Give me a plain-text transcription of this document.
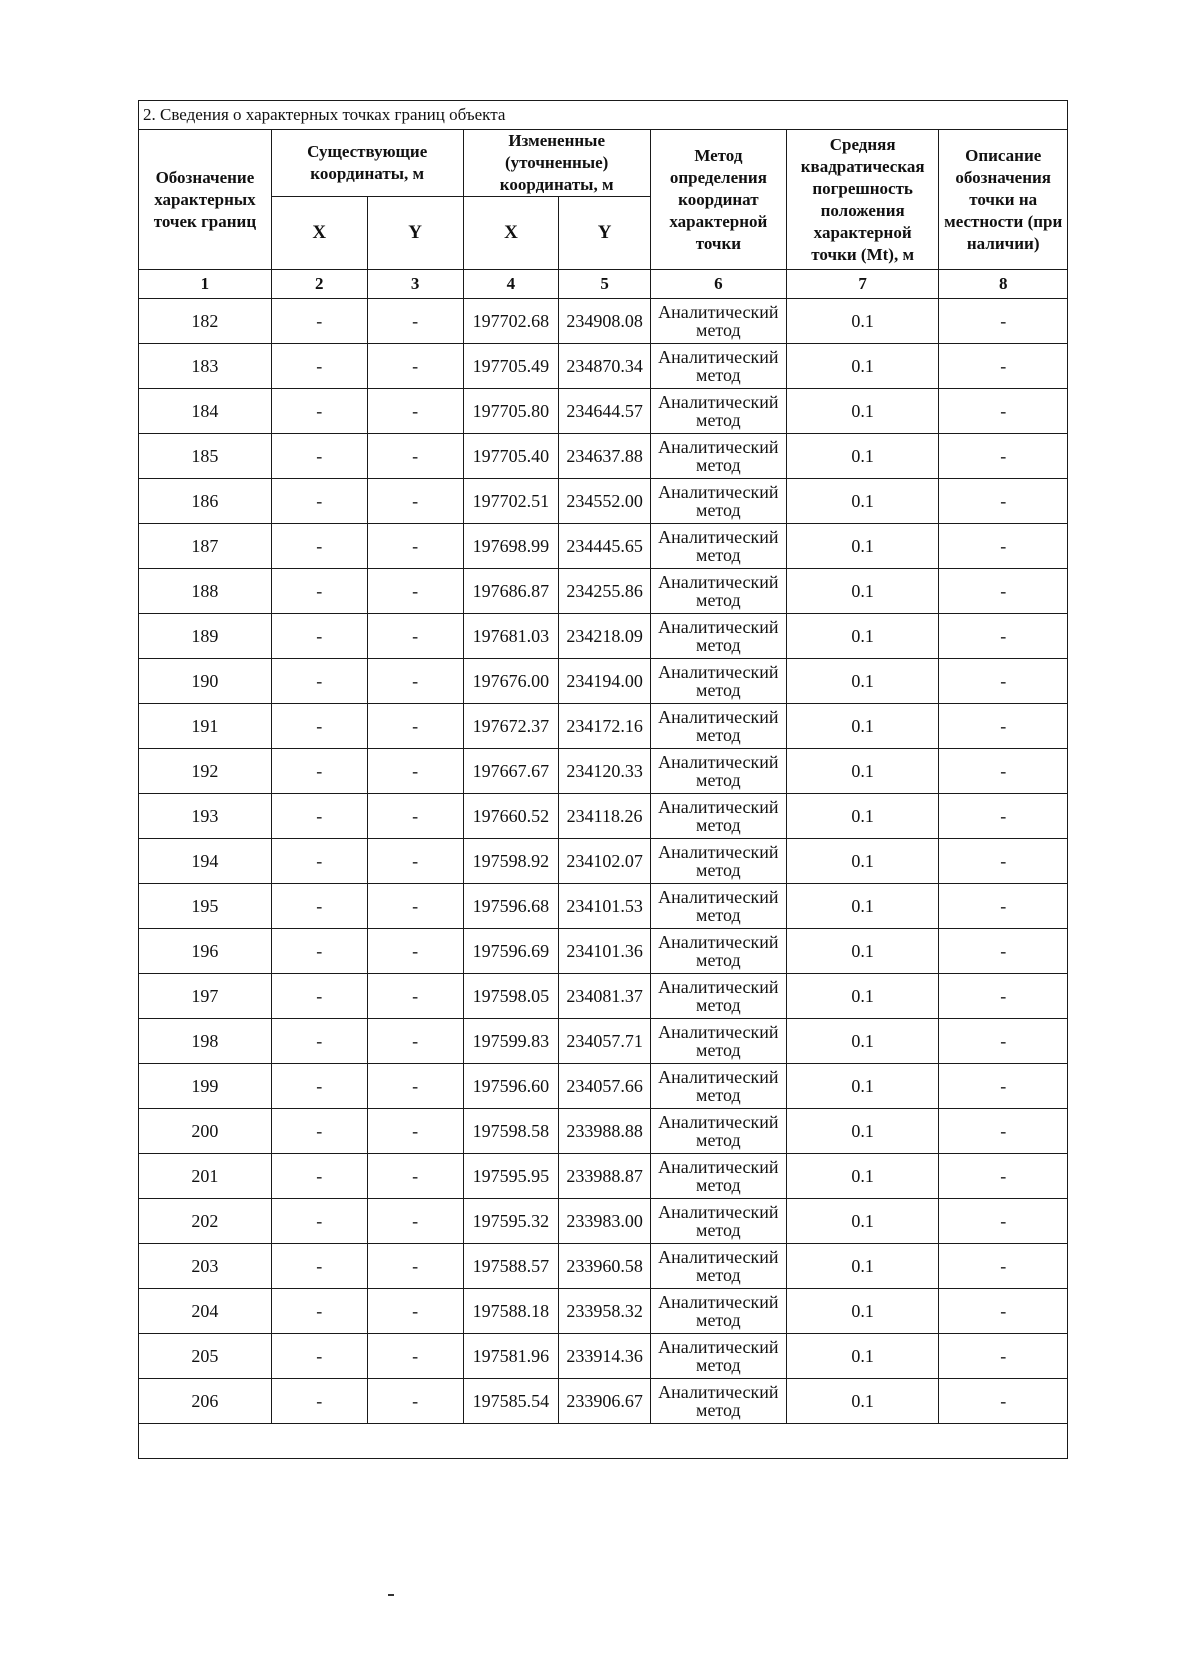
2. Сведения о характерных точках границ объекта							
Обозначение характерных точек границ	Существующие координаты, м		Измененные (уточненные) координаты, м		Метод определения координат характерной точки	Средняя квадратическая погрешность положения характерной точки (Mt), м	Описание обозначения точки на местности (при наличии)
	X	Y	X	Y			
1	2	3	4	5	6	7	8
182	-	-	197702.68	234908.08	Аналитический метод	0.1	-
183	-	-	197705.49	234870.34	Аналитический метод	0.1	-
184	-	-	197705.80	234644.57	Аналитический метод	0.1	-
185	-	-	197705.40	234637.88	Аналитический метод	0.1	-
186	-	-	197702.51	234552.00	Аналитический метод	0.1	-
187	-	-	197698.99	234445.65	Аналитический метод	0.1	-
188	-	-	197686.87	234255.86	Аналитический метод	0.1	-
189	-	-	197681.03	234218.09	Аналитический метод	0.1	-
190	-	-	197676.00	234194.00	Аналитический метод	0.1	-
191	-	-	197672.37	234172.16	Аналитический метод	0.1	-
192	-	-	197667.67	234120.33	Аналитический метод	0.1	-
193	-	-	197660.52	234118.26	Аналитический метод	0.1	-
194	-	-	197598.92	234102.07	Аналитический метод	0.1	-
195	-	-	197596.68	234101.53	Аналитический метод	0.1	-
196	-	-	197596.69	234101.36	Аналитический метод	0.1	-
197	-	-	197598.05	234081.37	Аналитический метод	0.1	-
198	-	-	197599.83	234057.71	Аналитический метод	0.1	-
199	-	-	197596.60	234057.66	Аналитический метод	0.1	-
200	-	-	197598.58	233988.88	Аналитический метод	0.1	-
201	-	-	197595.95	233988.87	Аналитический метод	0.1	-
202	-	-	197595.32	233983.00	Аналитический метод	0.1	-
203	-	-	197588.57	233960.58	Аналитический метод	0.1	-
204	-	-	197588.18	233958.32	Аналитический метод	0.1	-
205	-	-	197581.96	233914.36	Аналитический метод	0.1	-
206	-	-	197585.54	233906.67	Аналитический метод	0.1	-
